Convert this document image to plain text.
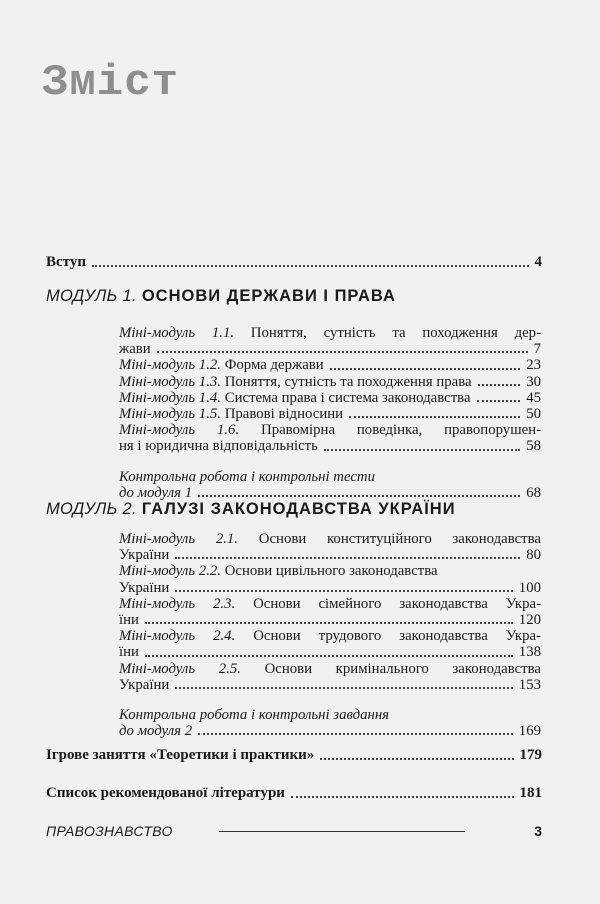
Зміст
Вступ	4
МОДУЛЬ 1. ОСНОВИ ДЕРЖАВИ І ПРАВА
Міні-модуль 1.1. Поняття, сутність та походження дер-
жави	7
Міні-модуль 1.2. Форма держави	23
Міні-модуль 1.3. Поняття, сутність та походження права	30
Міні-модуль 1.4. Система права і система законодавства	45
Міні-модуль 1.5. Правові відносини	50
Міні-модуль 1.6. Правомірна поведінка, правопорушен-
ня і юридична відповідальність	58
Контрольна робота і контрольні тести
до модуля 1	68
МОДУЛЬ 2. ГАЛУЗІ ЗАКОНОДАВСТВА УКРАЇНИ
Міні-модуль 2.1. Основи конституційного законодавства
України	80
Міні-модуль 2.2. Основи цивільного законодавства
України	100
Міні-модуль 2.3. Основи сімейного законодавства Укра-
їни	120
Міні-модуль 2.4. Основи трудового законодавства Укра-
їни	138
Міні-модуль 2.5. Основи кримінального законодавства
України	153
Контрольна робота і контрольні завдання
до модуля 2	169
Ігрове заняття «Теоретики і практики»	179
Список рекомендованої літератури	181
ПРАВОЗНАВСТВО	3
